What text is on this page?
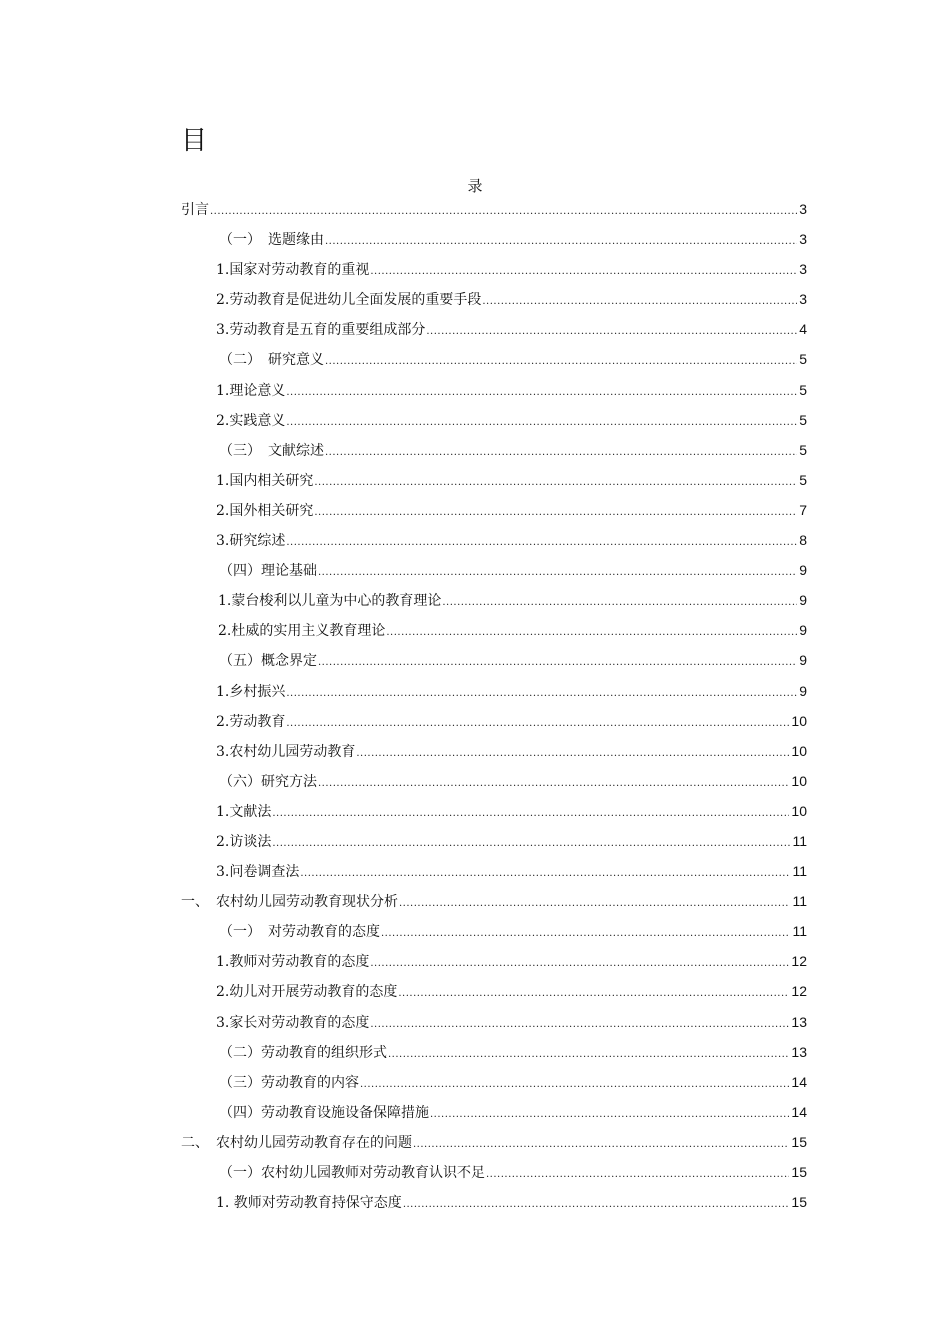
目
录
引言 .....	3
（一）　选题缘由 .....	3
1.国家对劳动教育的重视 .....	3
2.劳动教育是促进幼儿全面发展的重要手段 .....	3
3.劳动教育是五育的重要组成部分 .....	4
（二）　研究意义 .....	5
1.理论意义 .....	5
2.实践意义 .....	5
（三）　文献综述 .....	5
1.国内相关研究 .....	5
2.国外相关研究 .....	7
3.研究综述 .....	8
（四）理论基础 .....	9
1.蒙台梭利以儿童为中心的教育理论 .....	9
2.杜威的实用主义教育理论 .....	9
（五）概念界定 .....	9
1.乡村振兴 .....	9
2.劳动教育 .....	10
3.农村幼儿园劳动教育 .....	10
（六）研究方法 .....	10
1.文献法 .....	10
2.访谈法 .....	11
3.问卷调查法 .....	11
一、　农村幼儿园劳动教育现状分析 .....	11
（一）　对劳动教育的态度 .....	11
1.教师对劳动教育的态度 .....	12
2.幼儿对开展劳动教育的态度 .....	12
3.家长对劳动教育的态度 .....	13
（二）劳动教育的组织形式 .....	13
（三）劳动教育的内容 .....	14
（四）劳动教育设施设备保障措施 .....	14
二、　农村幼儿园劳动教育存在的问题 .....	15
（一）农村幼儿园教师对劳动教育认识不足 .....	15
1. 教师对劳动教育持保守态度 .....	15
